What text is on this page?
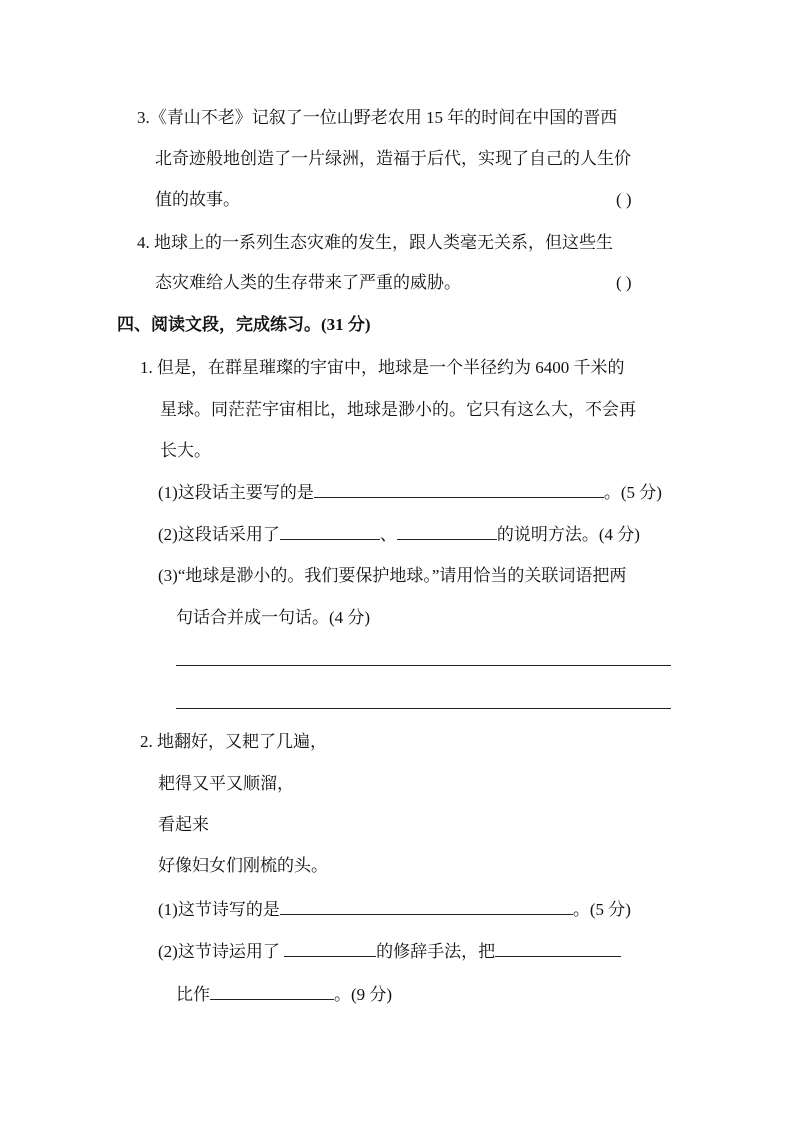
3.《青山不老》记叙了一位山野老农用 15 年的时间在中国的晋西
北奇迹般地创造了一片绿洲，造福于后代，实现了自己的人生价
值的故事。	( )
4. 地球上的一系列生态灾难的发生，跟人类毫无关系，但这些生
态灾难给人类的生存带来了严重的威胁。	( )
四、阅读文段，完成练习。(31 分)
1. 但是，在群星璀璨的宇宙中，地球是一个半径约为 6400 千米的
星球。同茫茫宇宙相比，地球是渺小的。它只有这么大，不会再
长大。
(1)这段话主要写的是	。(5 分)
(2)这段话采用了	、	的说明方法。(4 分)
(3)“地球是渺小的。我们要保护地球。”请用恰当的关联词语把两
句话合并成一句话。(4 分)
2. 地翻好，又耙了几遍，
耙得又平又顺溜，
看起来
好像妇女们刚梳的头。
(1)这节诗写的是	。(5 分)
(2)这节诗运用了	的修辞手法，把
比作	。(9 分)
